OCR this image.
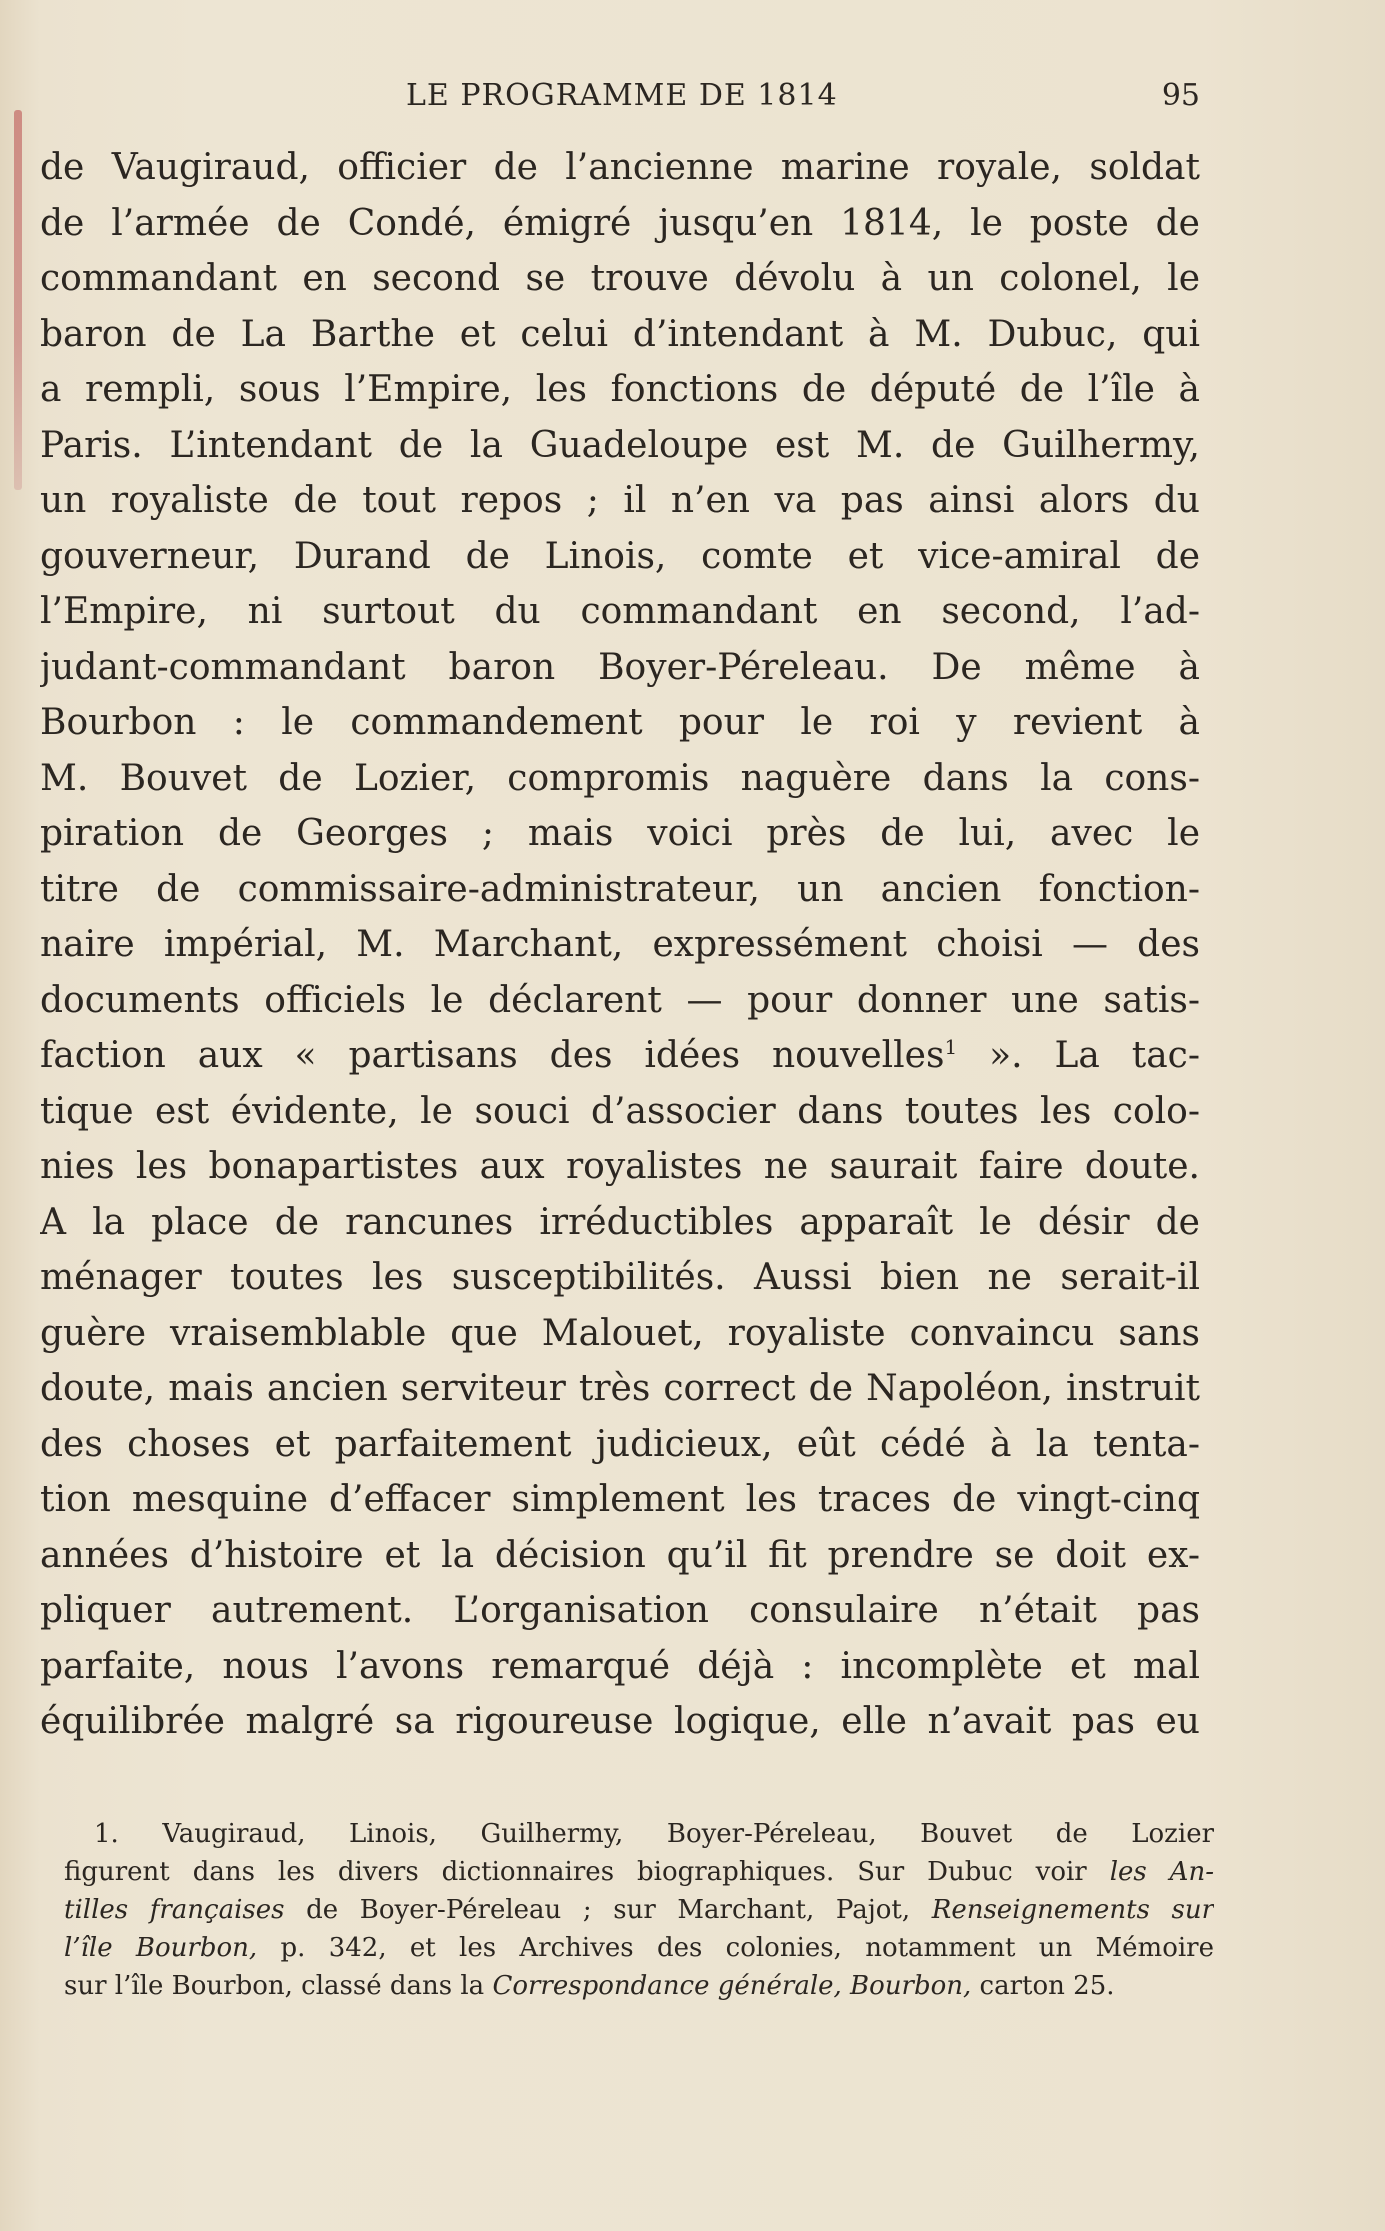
LE PROGRAMME DE 1814	95
de Vaugiraud, officier de l’ancienne marine royale, soldat
de l’armée de Condé, émigré jusqu’en 1814, le poste de
commandant en second se trouve dévolu à un colonel, le
baron de La Barthe et celui d’intendant à M. Dubuc, qui
a rempli, sous l’Empire, les fonctions de député de l’île à
Paris. L’intendant de la Guadeloupe est M. de Guilhermy,
un royaliste de tout repos ; il n’en va pas ainsi alors du
gouverneur, Durand de Linois, comte et vice-amiral de
l’Empire, ni surtout du commandant en second, l’ad-
judant-commandant baron Boyer-Péreleau. De même à
Bourbon : le commandement pour le roi y revient à
M. Bouvet de Lozier, compromis naguère dans la cons-
piration de Georges ; mais voici près de lui, avec le
titre de commissaire-administrateur, un ancien fonction-
naire impérial, M. Marchant, expressément choisi — des
documents officiels le déclarent — pour donner une satis-
faction aux « partisans des idées nouvelles$^1$ ». La tac-
tique est évidente, le souci d’associer dans toutes les colo-
nies les bonapartistes aux royalistes ne saurait faire doute.
A la place de rancunes irréductibles apparaît le désir de
ménager toutes les susceptibilités. Aussi bien ne serait-il
guère vraisemblable que Malouet, royaliste convaincu sans
doute, mais ancien serviteur très correct de Napoléon, instruit
des choses et parfaitement judicieux, eût cédé à la tenta-
tion mesquine d’effacer simplement les traces de vingt-cinq
années d’histoire et la décision qu’il fit prendre se doit ex-
pliquer autrement. L’organisation consulaire n’était pas
parfaite, nous l’avons remarqué déjà : incomplète et mal
équilibrée malgré sa rigoureuse logique, elle n’avait pas eu
1. Vaugiraud, Linois, Guilhermy, Boyer-Péreleau, Bouvet de Lozier
figurent dans les divers dictionnaires biographiques. Sur Dubuc voir les An-
tilles françaises de Boyer-Péreleau ; sur Marchant, Pajot, Renseignements sur
l’île Bourbon, p. 342, et les Archives des colonies, notamment un Mémoire
sur l’île Bourbon, classé dans la Correspondance générale, Bourbon, carton 25.
